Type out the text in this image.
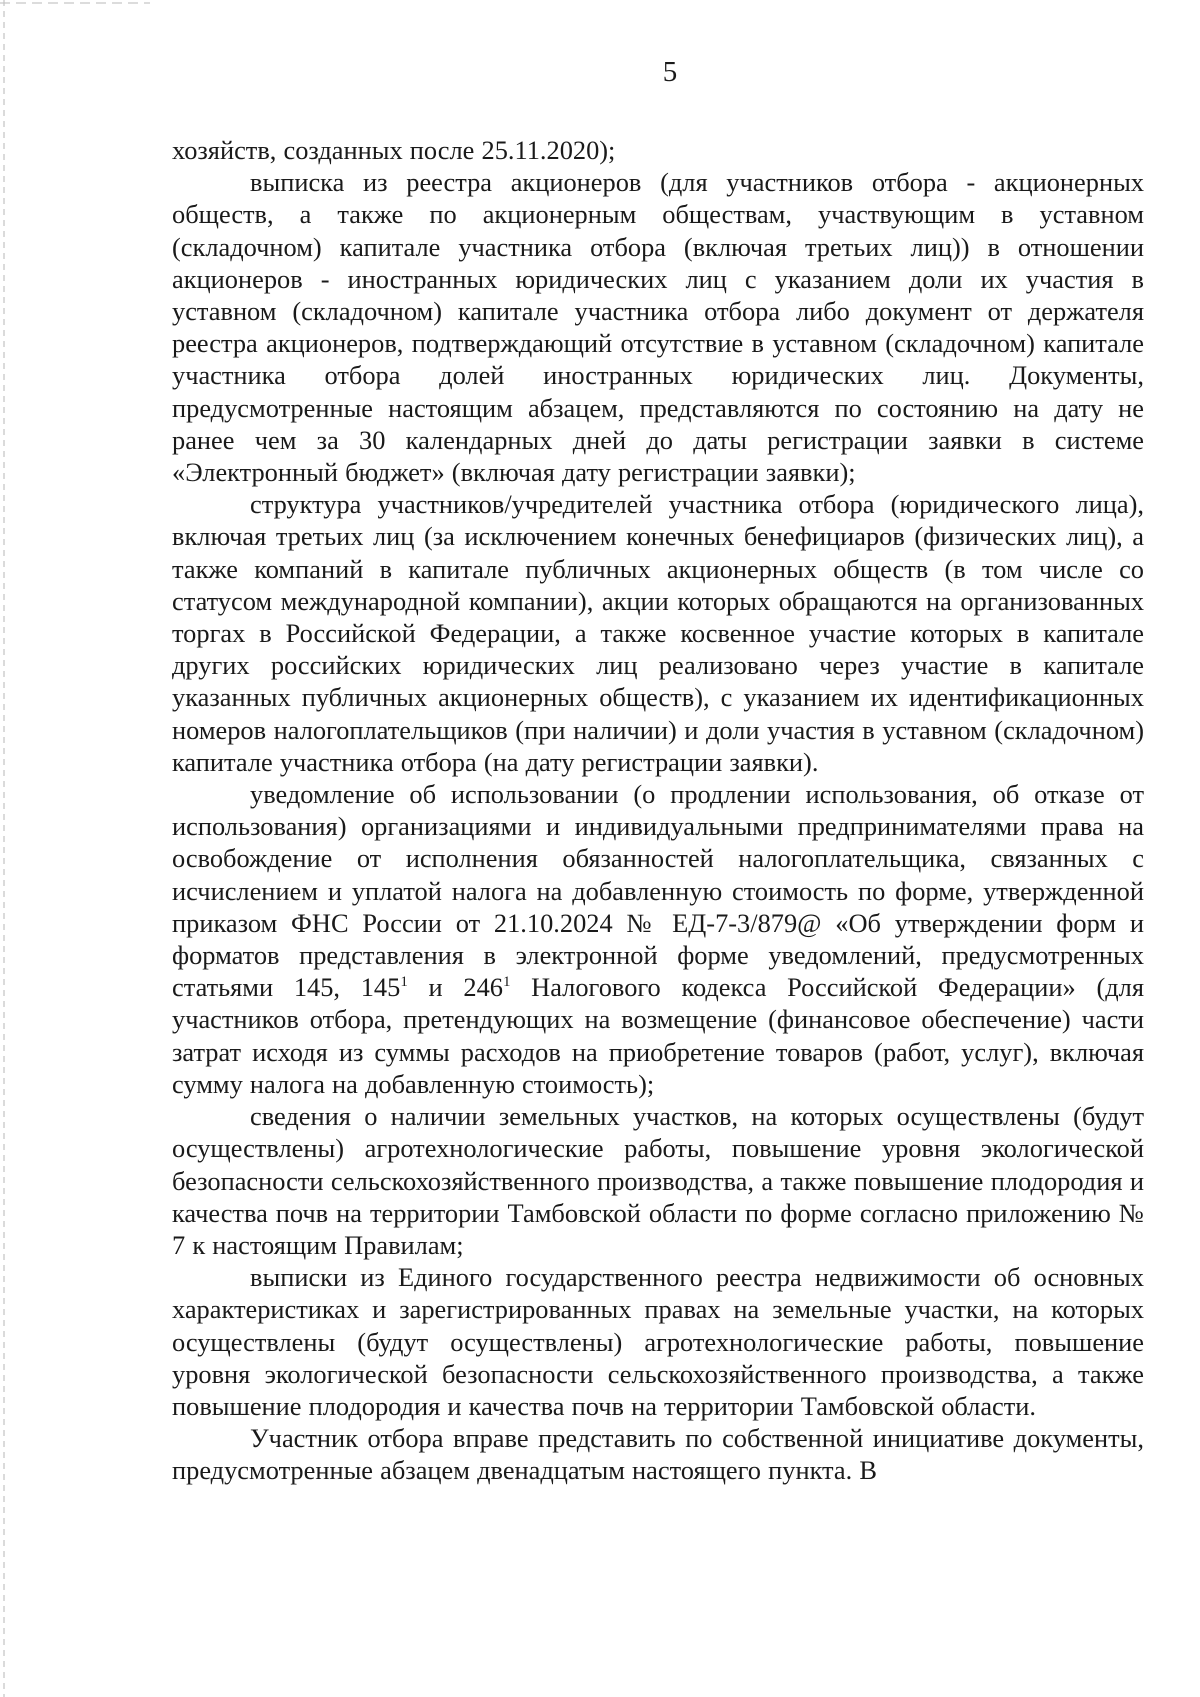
5

хозяйств, созданных после 25.11.2020);

выписка из реестра акционеров (для участников отбора - акционерных обществ, а также по акционерным обществам, участвующим в уставном (складочном) капитале участника отбора (включая третьих лиц)) в отношении акционеров - иностранных юридических лиц с указанием доли их участия в уставном (складочном) капитале участника отбора либо документ от держателя реестра акционеров, подтверждающий отсутствие в уставном (складочном) капитале участника отбора долей иностранных юридических лиц. Документы, предусмотренные настоящим абзацем, представляются по состоянию на дату не ранее чем за 30 календарных дней до даты регистрации заявки в системе «Электронный бюджет» (включая дату регистрации заявки);

структура участников/учредителей участника отбора (юридического лица), включая третьих лиц (за исключением конечных бенефициаров (физических лиц), а также компаний в капитале публичных акционерных обществ (в том числе со статусом международной компании), акции которых обращаются на организованных торгах в Российской Федерации, а также косвенное участие которых в капитале других российских юридических лиц реализовано через участие в капитале указанных публичных акционерных обществ), с указанием их идентификационных номеров налогоплательщиков (при наличии) и доли участия в уставном (складочном) капитале участника отбора (на дату регистрации заявки).

уведомление об использовании (о продлении использования, об отказе от использования) организациями и индивидуальными предпринимателями права на освобождение от исполнения обязанностей налогоплательщика, связанных с исчислением и уплатой налога на добавленную стоимость по форме, утвержденной приказом ФНС России от 21.10.2024 № ЕД-7-3/879@ «Об утверждении форм и форматов представления в электронной форме уведомлений, предусмотренных статьями 145, $145^1$ и $246^1$ Налогового кодекса Российской Федерации» (для участников отбора, претендующих на возмещение (финансовое обеспечение) части затрат исходя из суммы расходов на приобретение товаров (работ, услуг), включая сумму налога на добавленную стоимость);

сведения о наличии земельных участков, на которых осуществлены (будут осуществлены) агротехнологические работы, повышение уровня экологической безопасности сельскохозяйственного производства, а также повышение плодородия и качества почв на территории Тамбовской области по форме согласно приложению № 7 к настоящим Правилам;

выписки из Единого государственного реестра недвижимости об основных характеристиках и зарегистрированных правах на земельные участки, на которых осуществлены (будут осуществлены) агротехнологические работы, повышение уровня экологической безопасности сельскохозяйственного производства, а также повышение плодородия и качества почв на территории Тамбовской области.

Участник отбора вправе представить по собственной инициативе документы, предусмотренные абзацем двенадцатым настоящего пункта. В
